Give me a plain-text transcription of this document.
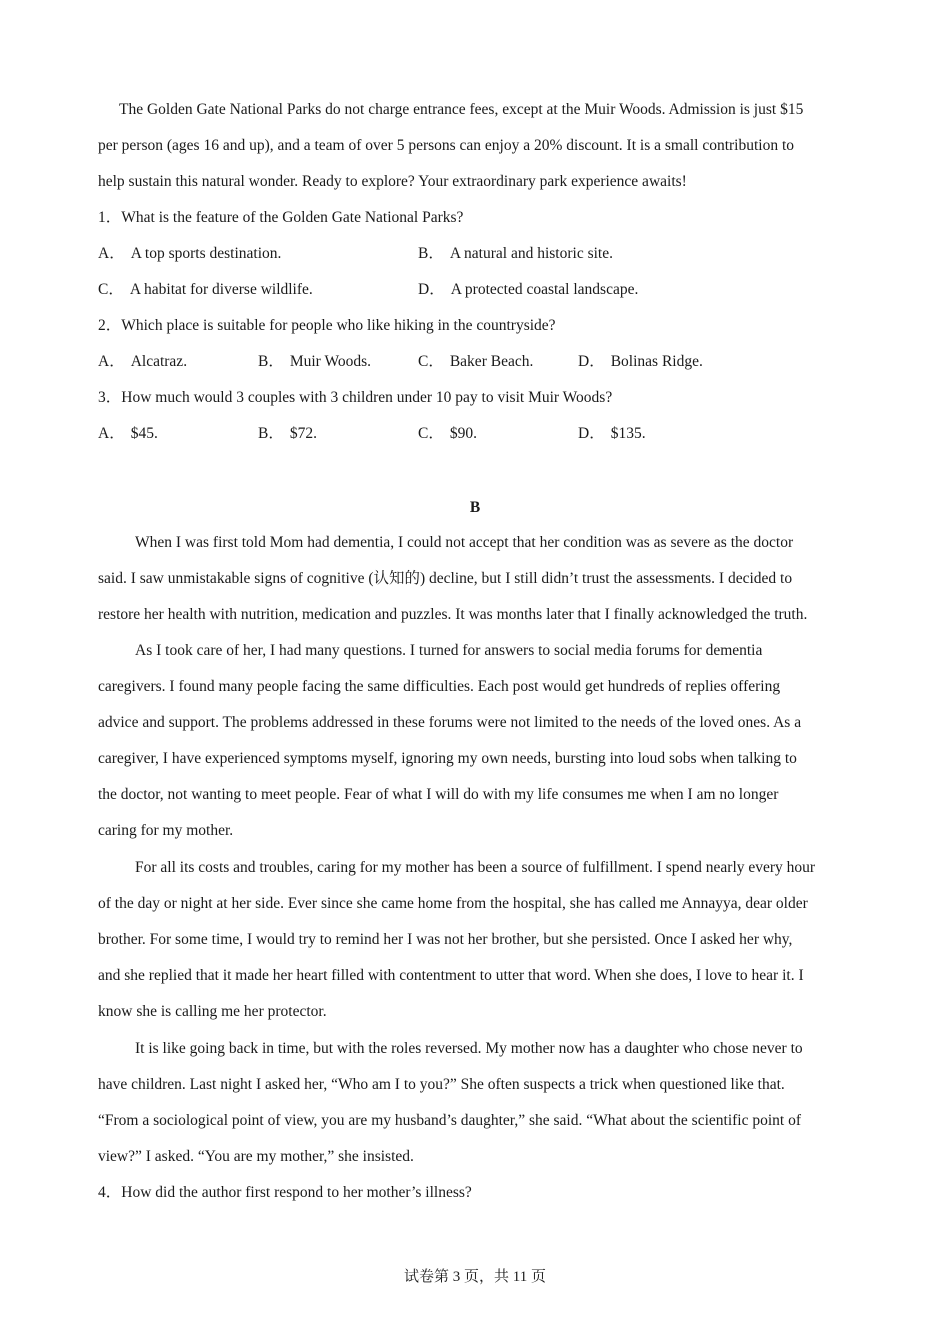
The Golden Gate National Parks do not charge entrance fees, except at the Muir Woods. Admission is just $15
per person (ages 16 and up), and a team of over 5 persons can enjoy a 20% discount. It is a small contribution to
help sustain this natural wonder. Ready to explore? Your extraordinary park experience awaits!
1．What is the feature of the Golden Gate National Parks?
A． A top sports destination.	B． A natural and historic site.
C． A habitat for diverse wildlife.	D． A protected coastal landscape.
2．Which place is suitable for people who like hiking in the countryside?
A． Alcatraz.	B． Muir Woods.	C． Baker Beach.	D． Bolinas Ridge.
3．How much would 3 couples with 3 children under 10 pay to visit Muir Woods?
A． $45.	B． $72.	C． $90.	D． $135.
B
When I was first told Mom had dementia, I could not accept that her condition was as severe as the doctor
said. I saw unmistakable signs of cognitive (认知的) decline, but I still didn’t trust the assessments. I decided to
restore her health with nutrition, medication and puzzles. It was months later that I finally acknowledged the truth.
As I took care of her, I had many questions. I turned for answers to social media forums for dementia
caregivers. I found many people facing the same difficulties. Each post would get hundreds of replies offering
advice and support. The problems addressed in these forums were not limited to the needs of the loved ones. As a
caregiver, I have experienced symptoms myself, ignoring my own needs, bursting into loud sobs when talking to
the doctor, not wanting to meet people. Fear of what I will do with my life consumes me when I am no longer
caring for my mother.
For all its costs and troubles, caring for my mother has been a source of fulfillment. I spend nearly every hour
of the day or night at her side. Ever since she came home from the hospital, she has called me Annayya, dear older
brother. For some time, I would try to remind her I was not her brother, but she persisted. Once I asked her why,
and she replied that it made her heart filled with contentment to utter that word. When she does, I love to hear it. I
know she is calling me her protector.
It is like going back in time, but with the roles reversed. My mother now has a daughter who chose never to
have children. Last night I asked her, “Who am I to you?” She often suspects a trick when questioned like that.
“From a sociological point of view, you are my husband’s daughter,” she said. “What about the scientific point of
view?” I asked. “You are my mother,” she insisted.
4．How did the author first respond to her mother’s illness?
试卷第 3 页，共 11 页
